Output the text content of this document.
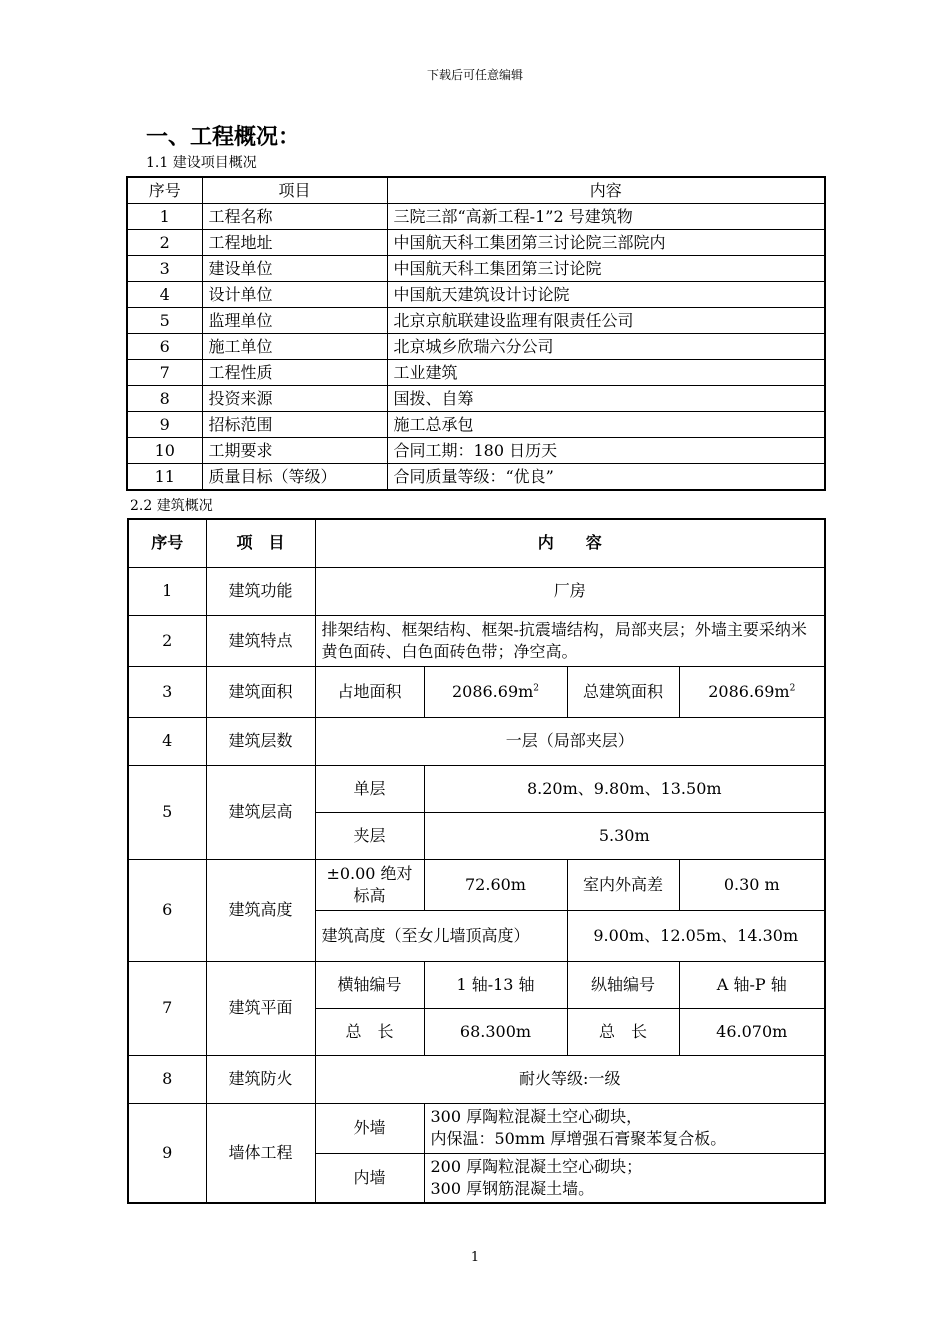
下载后可任意编辑
一、工程概况：
1.1 建设项目概况
序号	项目	内容
1	工程名称	三院三部“高新工程-1”2 号建筑物
2	工程地址	中国航天科工集团第三讨论院三部院内
3	建设单位	中国航天科工集团第三讨论院
4	设计单位	中国航天建筑设计讨论院
5	监理单位	北京京航联建设监理有限责任公司
6	施工单位	北京城乡欣瑞六分公司
7	工程性质	工业建筑
8	投资来源	国拨、自筹
9	招标范围	施工总承包
10	工期要求	合同工期：180 日历天
11	质量目标（等级）	合同质量等级：“优良”
2.2 建筑概况
序号	项　目	内　　容			
1	建筑功能	厂房			
2	建筑特点	排架结构、框架结构、框架-抗震墙结构，局部夹层；外墙主要采纳米黄色面砖、白色面砖色带；净空高。			
3	建筑面积	占地面积	$2086.69m^2$	总建筑面积	$2086.69m^2$
4	建筑层数	一层（局部夹层）			
5	建筑层高	单层	8.20m、9.80m、13.50m		
		夹层	5.30m		
6	建筑高度	±0.00 绝对标高	72.60m	室内外高差	0.30 m
		建筑高度（至女儿墙顶高度）		9.00m、12.05m、14.30m	
7	建筑平面	横轴编号	1 轴-13 轴	纵轴编号	A 轴-P 轴
		总　长	68.300m	总　长	46.070m
8	建筑防火	耐火等级:一级			
9	墙体工程	外墙	300 厚陶粒混凝土空心砌块，
内保温：50mm 厚增强石膏聚苯复合板。		

		内墙	200 厚陶粒混凝土空心砌块；
300 厚钢筋混凝土墙。		
1
